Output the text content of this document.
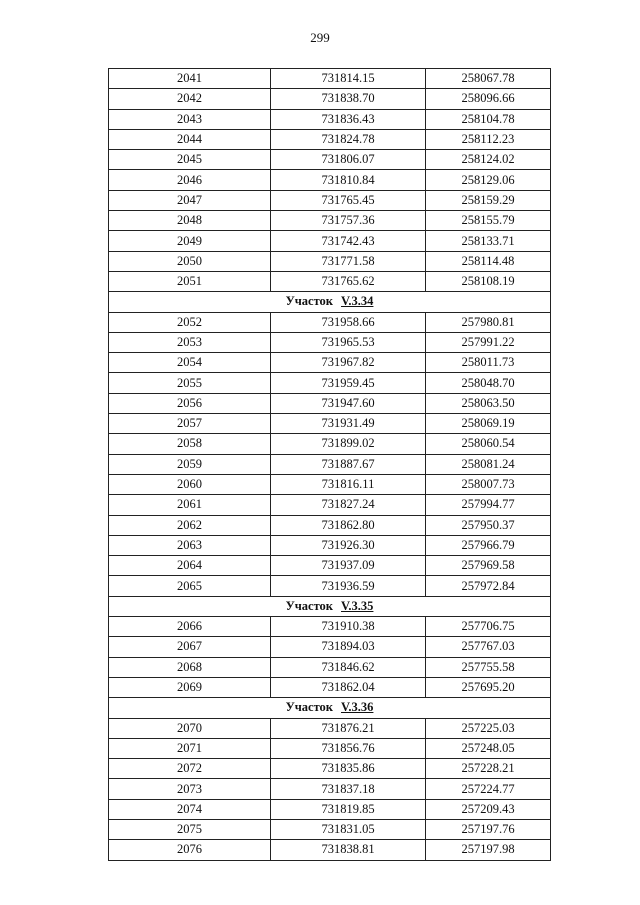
299
2041	731814.15	258067.78
2042	731838.70	258096.66
2043	731836.43	258104.78
2044	731824.78	258112.23
2045	731806.07	258124.02
2046	731810.84	258129.06
2047	731765.45	258159.29
2048	731757.36	258155.79
2049	731742.43	258133.71
2050	731771.58	258114.48
2051	731765.62	258108.19
Участок V.3.34		
2052	731958.66	257980.81
2053	731965.53	257991.22
2054	731967.82	258011.73
2055	731959.45	258048.70
2056	731947.60	258063.50
2057	731931.49	258069.19
2058	731899.02	258060.54
2059	731887.67	258081.24
2060	731816.11	258007.73
2061	731827.24	257994.77
2062	731862.80	257950.37
2063	731926.30	257966.79
2064	731937.09	257969.58
2065	731936.59	257972.84
Участок V.3.35		
2066	731910.38	257706.75
2067	731894.03	257767.03
2068	731846.62	257755.58
2069	731862.04	257695.20
Участок V.3.36		
2070	731876.21	257225.03
2071	731856.76	257248.05
2072	731835.86	257228.21
2073	731837.18	257224.77
2074	731819.85	257209.43
2075	731831.05	257197.76
2076	731838.81	257197.98
